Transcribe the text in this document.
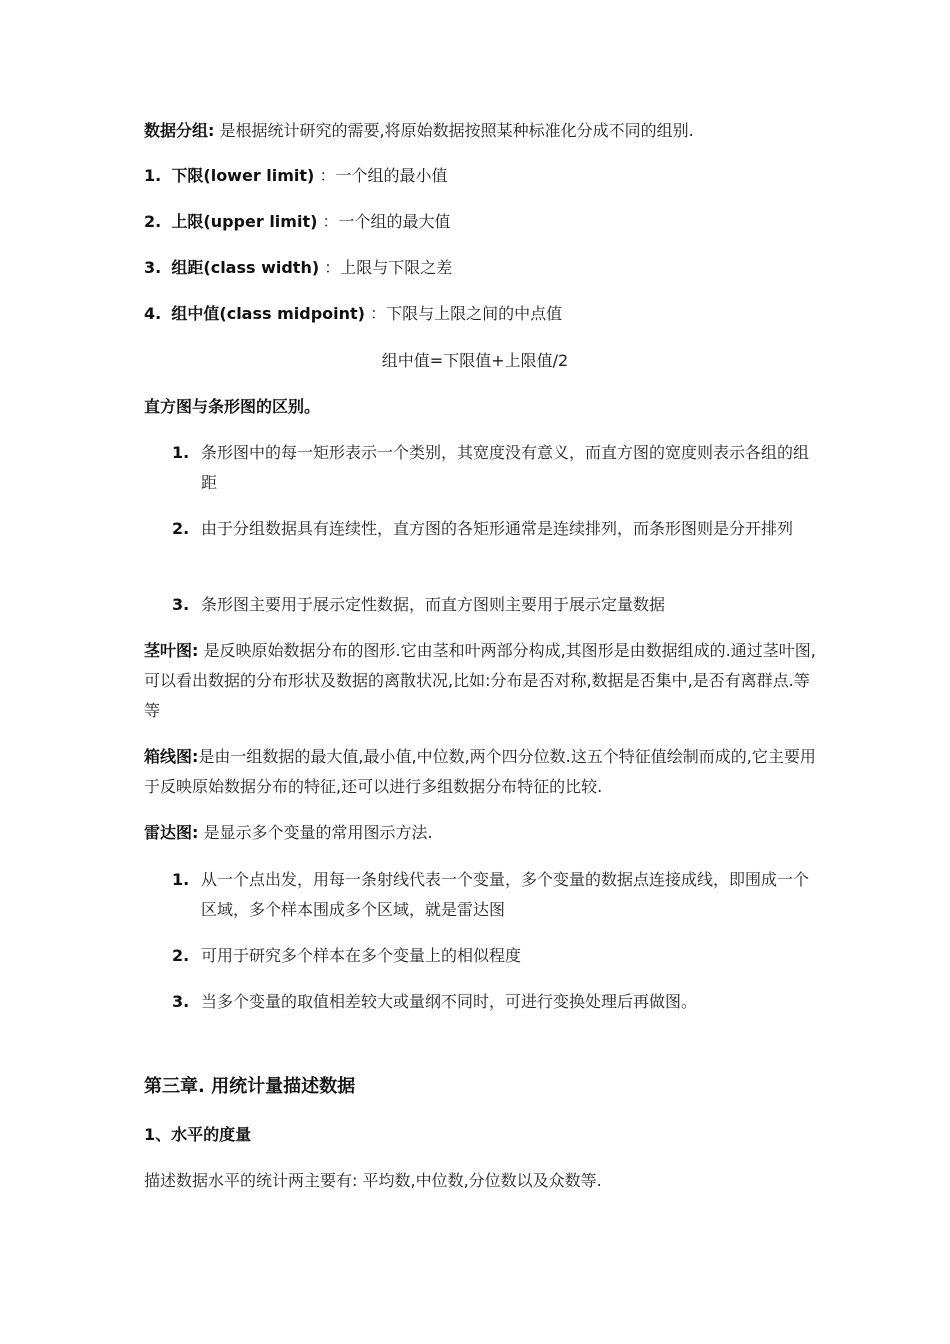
数据分组: 是根据统计研究的需要,将原始数据按照某种标准化分成不同的组别.
1. 下限(lower limit) ：一个组的最小值
2. 上限(upper limit) ：一个组的最大值
3. 组距(class width) ：上限与下限之差
4. 组中值(class midpoint) ：下限与上限之间的中点值
组中值=下限值+上限值/2
直方图与条形图的区别。
1. 条形图中的每一矩形表示一个类别，其宽度没有意义，而直方图的宽度则表示各组的组距
2. 由于分组数据具有连续性，直方图的各矩形通常是连续排列，而条形图则是分开排列
3. 条形图主要用于展示定性数据，而直方图则主要用于展示定量数据
茎叶图: 是反映原始数据分布的图形.它由茎和叶两部分构成,其图形是由数据组成的.通过茎叶图,可以看出数据的分布形状及数据的离散状况,比如:分布是否对称,数据是否集中,是否有离群点.等等
箱线图:是由一组数据的最大值,最小值,中位数,两个四分位数.这五个特征值绘制而成的,它主要用于反映原始数据分布的特征,还可以进行多组数据分布特征的比较.
雷达图: 是显示多个变量的常用图示方法.
1. 从一个点出发，用每一条射线代表一个变量，多个变量的数据点连接成线，即围成一个区域，多个样本围成多个区域，就是雷达图
2. 可用于研究多个样本在多个变量上的相似程度
3. 当多个变量的取值相差较大或量纲不同时，可进行变换处理后再做图。
第三章. 用统计量描述数据
1、水平的度量
描述数据水平的统计两主要有: 平均数,中位数,分位数以及众数等.
